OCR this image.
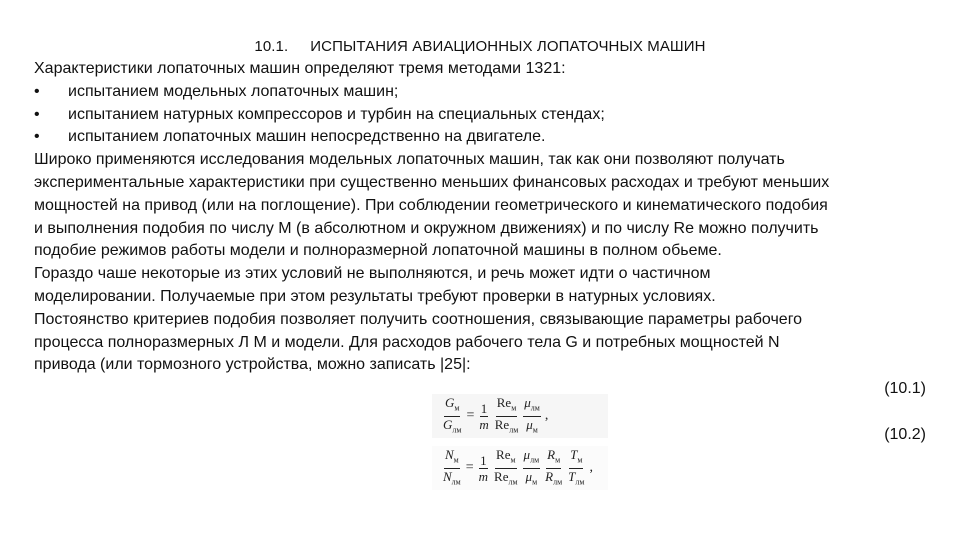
10.1. ИСПЫТАНИЯ АВИАЦИОННЫХ ЛОПАТОЧНЫХ МАШИН
Характеристики лопаточных машин определяют тремя методами 1321:
•	испытанием модельных лопаточных машин;
•	испытанием натурных компрессоров и турбин на специальных стендах;
•	испытанием лопаточных машин непосредственно на двигателе.
Широко применяются исследования модельных лопаточных машин, так как они позволяют получать
экспериментальные характеристики при существенно меньших финансовых расходах и требуют меньших
мощностей на привод (или на поглощение). При соблюдении геометрического и кинематического подобия
и выполнения подобия по числу М (в абсолютном и окружном движениях) и по числу Re можно получить
подобие режимов работы модели и полноразмерной лопаточной машины в полном обьеме.
Гораздо чаше некоторые из этих условий не выполняются, и речь может идти о частичном
моделировании. Получаемые при этом результаты требуют проверки в натурных условиях.
Постоянство критериев подобия позволяет получить соотношения, связывающие параметры рабочего
процесса полноразмерных Л М и модели. Для расходов рабочего тела G и потребных мощностей N
привода (или тормозного устройства, можно записать |25|:
(10.1)
(10.2)
$\frac{G_м}{G_{лм}} = \frac{1}{m} \frac{Re_м}{Re_{лм}} \frac{\mu_{лм}}{\mu_м}$ ,
$\frac{N_м}{N_{лм}} = \frac{1}{m} \frac{Re_м}{Re_{лм}} \frac{\mu_{лм}}{\mu_м} \frac{R_м}{R_{лм}} \frac{T_м}{T_{лм}}$ ,
